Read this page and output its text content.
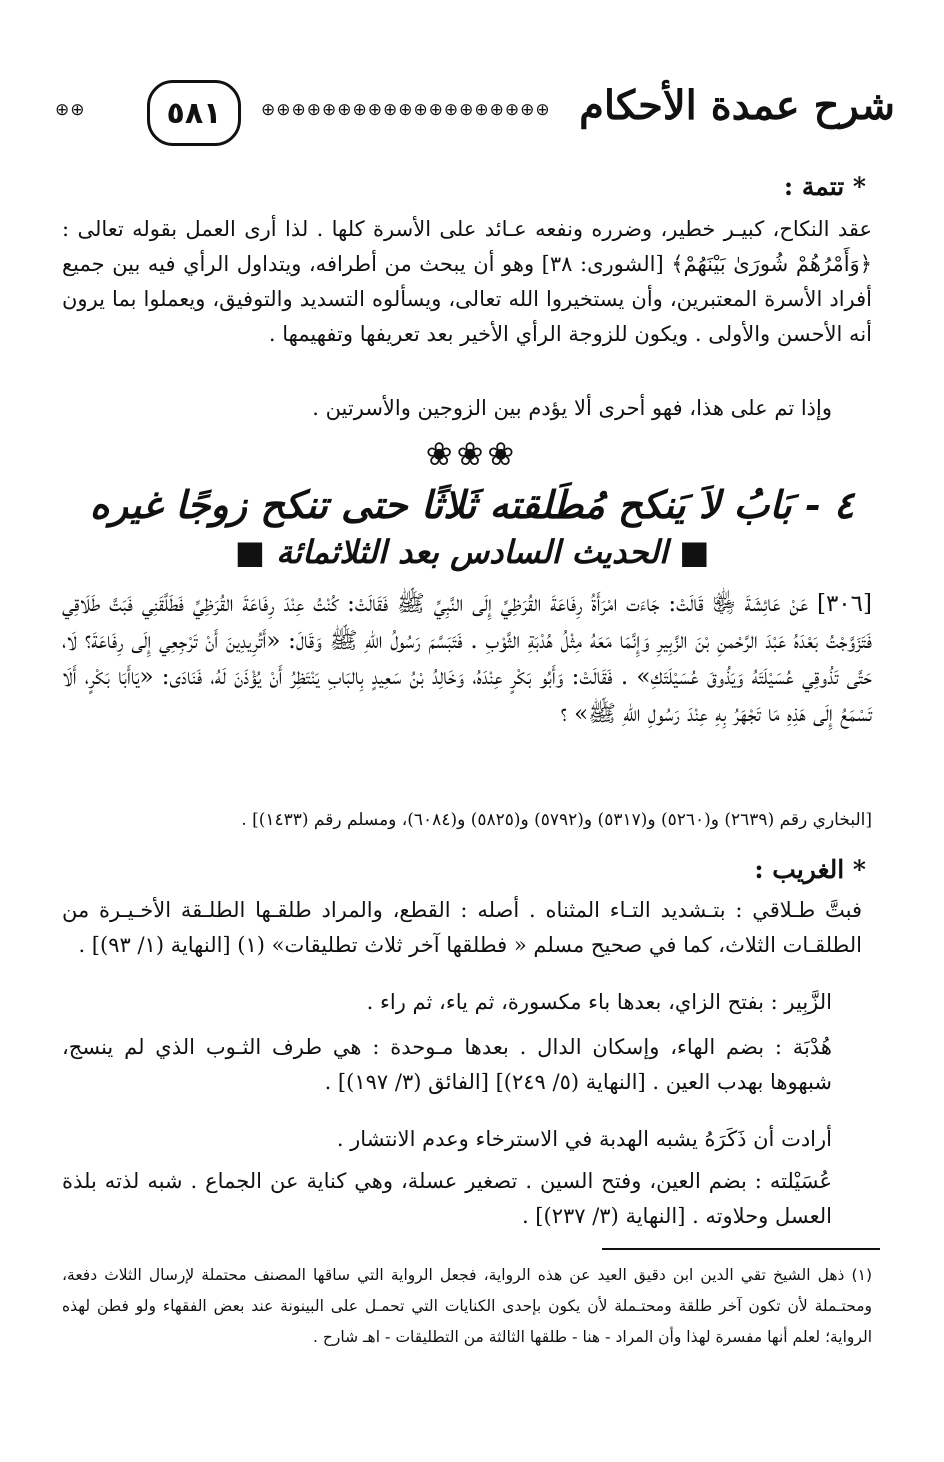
⊕⊕	٥٨١	⊕⊕⊕⊕⊕⊕⊕⊕⊕⊕⊕⊕⊕⊕⊕⊕⊕⊕⊕ شرح عمدة الأحكام
* تتمة :
عقد النكاح، كبيـر خطير، وضرره ونفعه عـائد على الأسرة كلها . لذا أرى العمل بقوله تعالى : ﴿وَأَمْرُهُمْ شُورَىٰ بَيْنَهُمْ﴾ [الشورى: ٣٨] وهو أن يبحث من أطرافه، ويتداول الرأي فيه بين جميع أفراد الأسرة المعتبرين، وأن يستخيروا الله تعالى، ويسألوه التسديد والتوفيق، ويعملوا بما يرون أنه الأحسن والأولى . ويكون للزوجة الرأي الأخير بعد تعريفها وتفهيمها .
وإذا تم على هذا، فهو أحرى ألا يؤدم بين الزوجين والأسرتين .
❀❀❀
٤ - بَابُ لاَ يَنكح مُطَلقته ثَلاثًا حتى تنكح زوجًا غيره
■ الحديث السادس بعد الثلاثمائة ■
[٣٠٦] عَنْ عَائِشَةَ ﵂ قَالَتْ: جَاءَت امْرَأَةُ رِفَاعَةَ القُرَظِيِّ إِلَى النَّبِيِّ ﷺ فَقَالَتْ: كُنْتُ عِنْدَ رِفَاعَةَ القُرَظِيِّ فَطَلَّقَنِي فَبَتَّ طَلَاقِي فَتَزَوَّجْتُ بَعْدَهُ عَبْدَ الرَّحْمنِ بْنَ الزَّبِيرِ وَإِنَّمَا مَعَهُ مِثْلُ هُدْبَةِ الثَّوْبِ . فَتَبَسَّمَ رَسُولُ اللهِ ﷺ وَقَالَ: «أَتُرِيدِينَ أَنْ تَرْجِعِي إِلَى رِفَاعَةَ؟ لَا، حَتَّى تَذُوقِي عُسَيْلَتَهُ وَيَذُوقَ عُسَيْلَتَكِ» . فَقَالَتْ: وَأَبُو بَكْرٍ عِنْدَهُ، وَخَالِدُ بْنُ سَعِيدٍ بِالبَابِ يَنْتَظِرُ أَنْ يُؤْذَنَ لَهُ، فَنَادَى: «يَاأَبَا بَكْرٍ، أَلَا تَسْمَعُ إِلَى هَذِهِ مَا تَجْهَرُ بِهِ عِنْدَ رَسُولِ اللهِ ﷺ» ؟
[البخاري رقم (٢٦٣٩) و(٥٢٦٠) و(٥٣١٧) و(٥٧٩٢) و(٥٨٢٥) و(٦٠٨٤)، ومسلم رقم (١٤٣٣)] .
* الغريب :
فبتَّ طـلاقي : بتـشديد التـاء المثناه . أصله : القطع، والمراد طلقـها الطلـقة الأخـيـرة من الطلقـات الثلاث، كما في صحيح مسلم « فطلقها آخر ثلاث تطليقات» (١) [النهاية (١/ ٩٣)] .
الزَّبِير : بفتح الزاي، بعدها باء مكسورة، ثم ياء، ثم راء .
هُدْبَة : بضم الهاء، وإسكان الدال . بعدها مـوحدة : هي طرف الثـوب الذي لم ينسج، شبهوها بهدب العين . [النهاية (٥/ ٢٤٩)] [الفائق (٣/ ١٩٧)] .
أرادت أن ذَكَرَهُ يشبه الهدبة في الاسترخاء وعدم الانتشار .
عُسَيْلته : بضم العين، وفتح السين . تصغير عسلة، وهي كناية عن الجماع . شبه لذته بلذة العسل وحلاوته . [النهاية (٣/ ٢٣٧)] .
(١) ذهل الشيخ تقي الدين ابن دقيق العيد عن هذه الرواية، فجعل الرواية التي ساقها المصنف محتملة لإرسال الثلاث دفعة، ومحتـملة لأن تكون آخر طلقة ومحتـملة لأن يكون بإحدى الكنايات التي تحمـل على البينونة عند بعض الفقهاء ولو فطن لهذه الرواية؛ لعلم أنها مفسرة لهذا وأن المراد - هنا - طلقها الثالثة من التطليقات - اهـ شارح .
